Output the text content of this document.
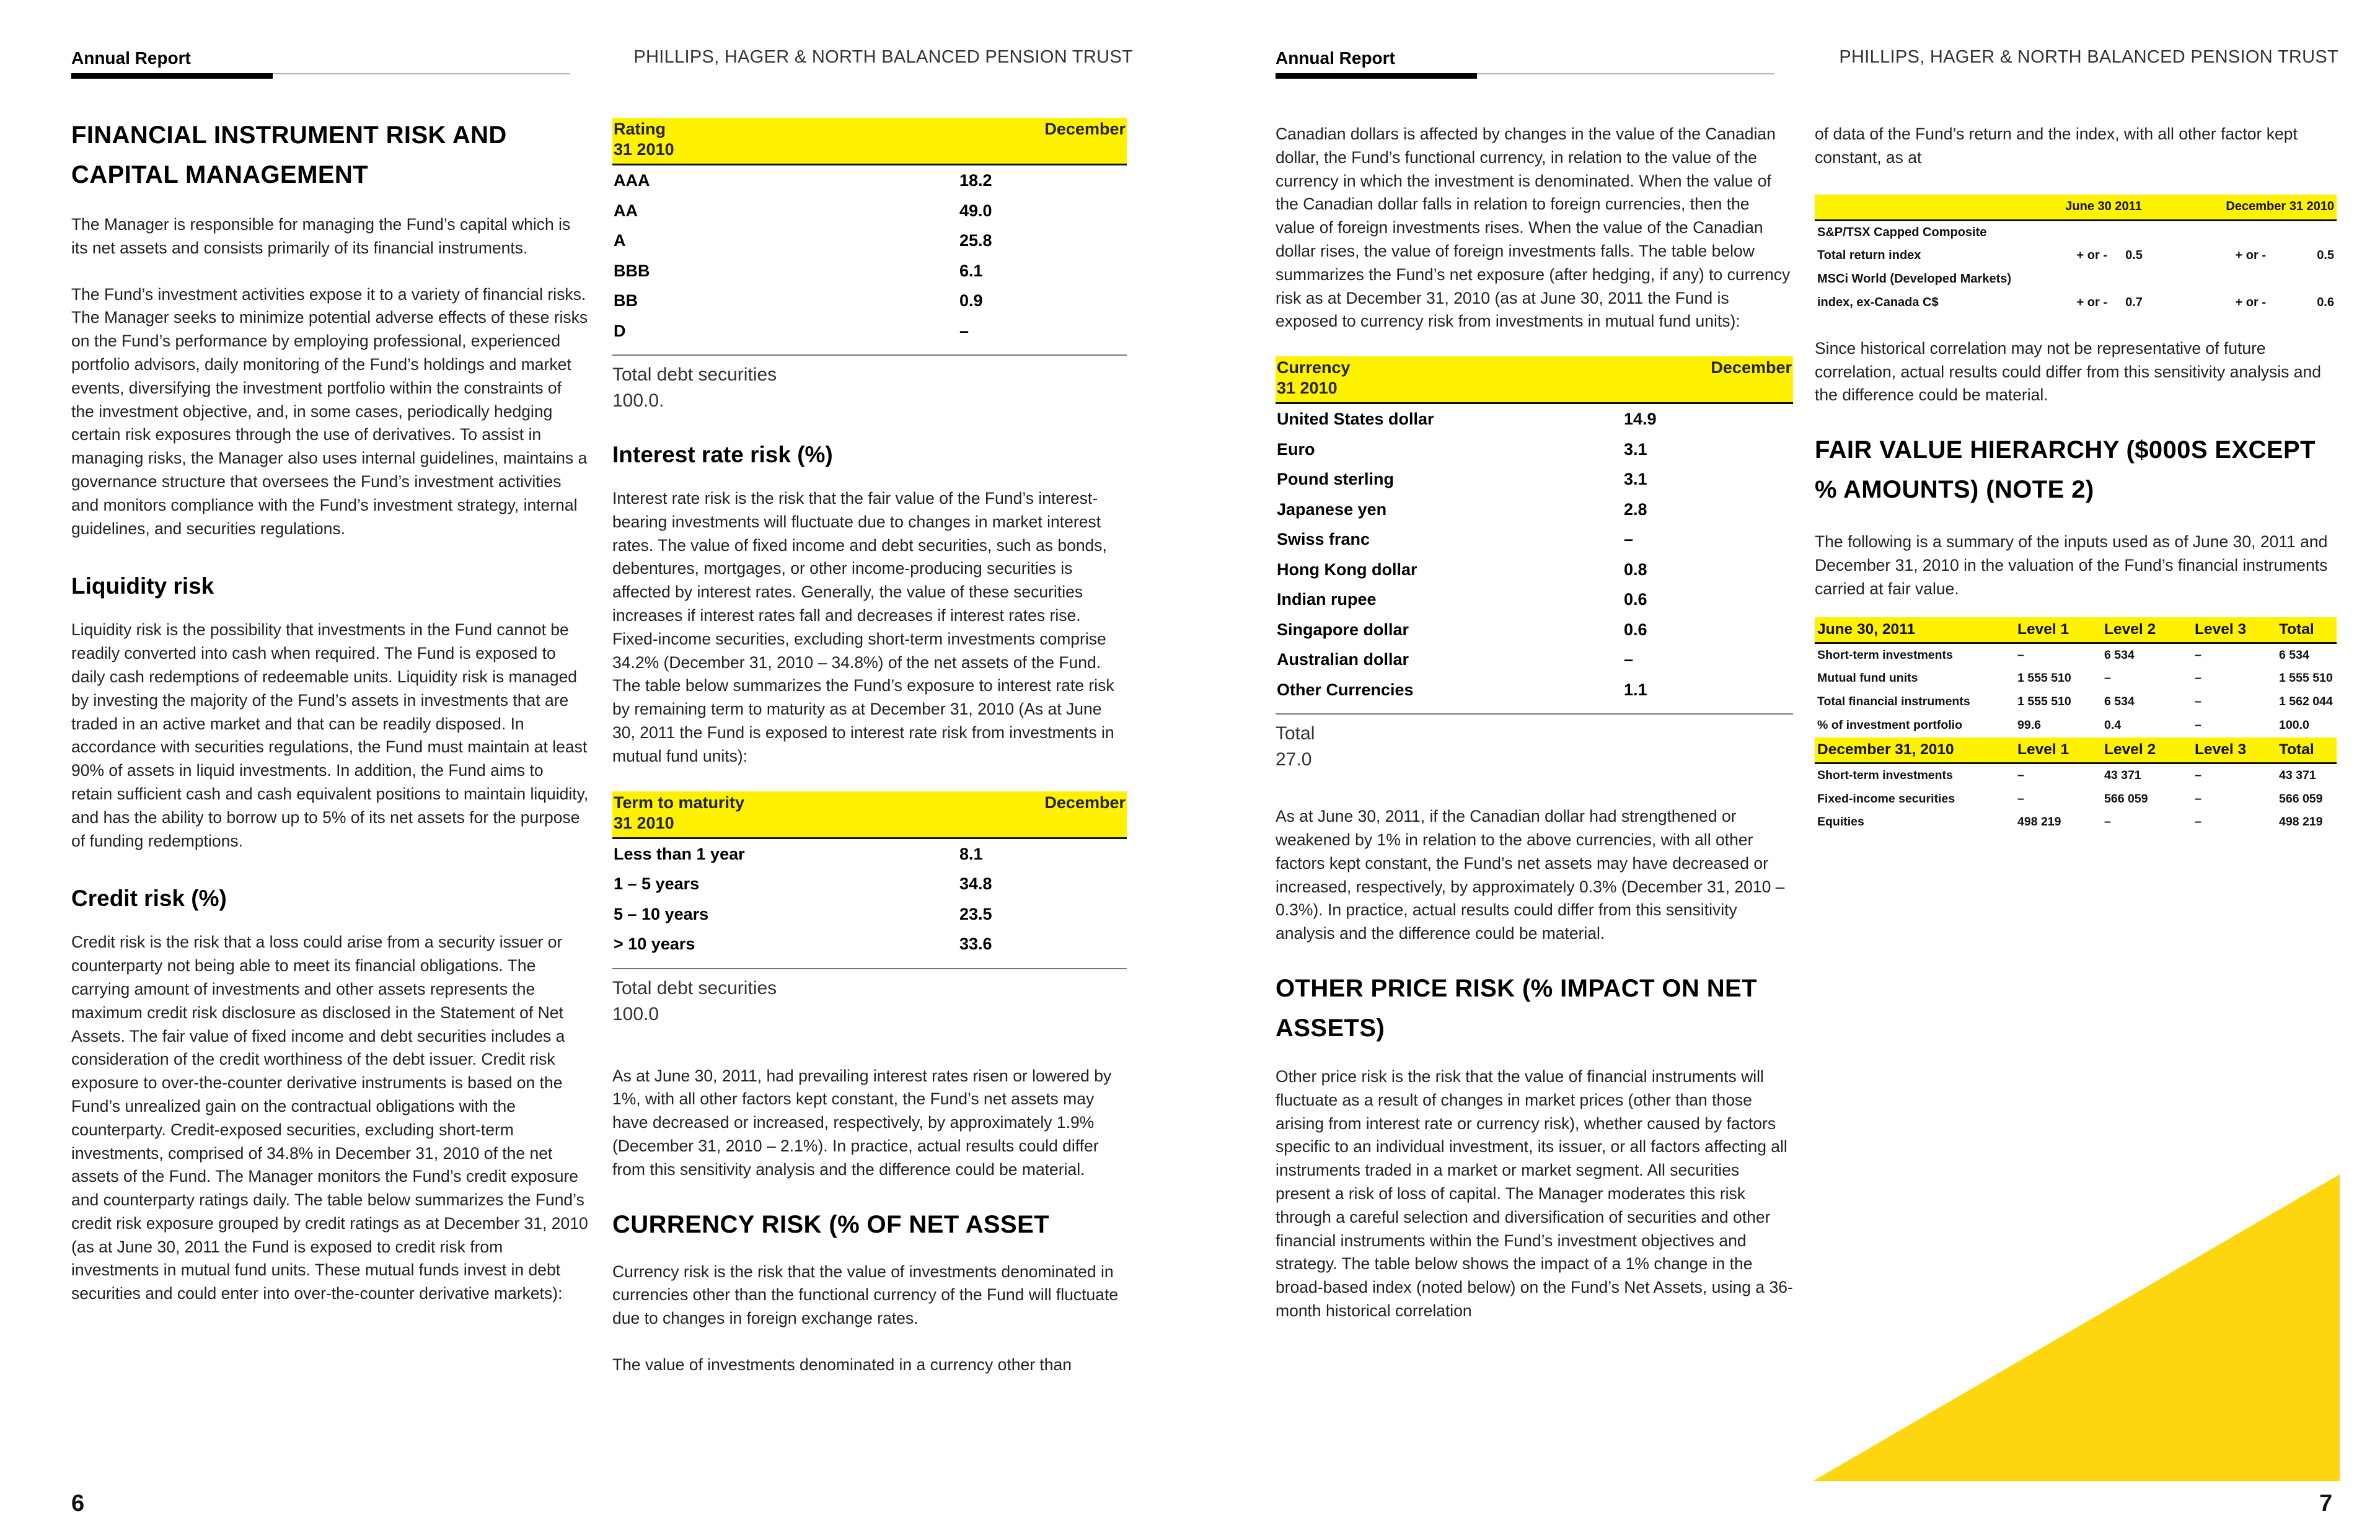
Annual Report	PHILLIPS, HAGER & NORTH BALANCED PENSION TRUST	Annual Report	PHILLIPS, HAGER & NORTH BALANCED PENSION TRUST
FINANCIAL INSTRUMENT RISK AND CAPITAL MANAGEMENT

The Manager is responsible for managing the Fund’s capital which is its net assets and consists primarily of its financial instruments.

The Fund’s investment activities expose it to a variety of financial risks. The Manager seeks to minimize potential adverse effects of these risks on the Fund’s performance by employing professional, experienced portfolio advisors, daily monitoring of the Fund’s holdings and market events, diversifying the investment portfolio within the constraints of the investment objective, and, in some cases, periodically hedging certain risk exposures through the use of derivatives. To assist in managing risks, the Manager also uses internal guidelines, maintains a governance structure that oversees the Fund’s investment activities and monitors compliance with the Fund’s investment strategy, internal guidelines, and securities regulations.

Liquidity risk

Liquidity risk is the possibility that investments in the Fund cannot be readily converted into cash when required. The Fund is exposed to daily cash redemptions of redeemable units. Liquidity risk is managed by investing the majority of the Fund’s assets in investments that are traded in an active market and that can be readily disposed. In accordance with securities regulations, the Fund must maintain at least 90% of assets in liquid investments. In addition, the Fund aims to retain sufficient cash and cash equivalent positions to maintain liquidity, and has the ability to borrow up to 5% of its net assets for the purpose of funding redemptions.

Credit risk (%)

Credit risk is the risk that a loss could arise from a security issuer or counterparty not being able to meet its financial obligations. The carrying amount of investments and other assets represents the maximum credit risk disclosure as disclosed in the Statement of Net Assets. The fair value of fixed income and debt securities includes a consideration of the credit worthiness of the debt issuer. Credit risk exposure to over-the-counter derivative instruments is based on the Fund’s unrealized gain on the contractual obligations with the counterparty. Credit-exposed securities, excluding short-term investments, comprised of 34.8% in December 31, 2010 of the net assets of the Fund. The Manager monitors the Fund’s credit exposure and counterparty ratings daily. The table below summarizes the Fund’s credit risk exposure grouped by credit ratings as at December 31, 2010 (as at June 30, 2011 the Fund is exposed to credit risk from investments in mutual fund units. These mutual funds invest in debt securities and could enter into over-the-counter derivative markets):

Rating
31 2010	December
AAA	18.2
AA	49.0
A	25.8
BBB	6.1
BB	0.9
D	–

Total debt securities
100.0.
Interest rate risk (%)

Interest rate risk is the risk that the fair value of the Fund’s interest-bearing investments will fluctuate due to changes in market interest rates. The value of fixed income and debt securities, such as bonds, debentures, mortgages, or other income-producing securities is affected by interest rates. Generally, the value of these securities increases if interest rates fall and decreases if interest rates rise. Fixed-income securities, excluding short-term investments comprise 34.2% (December 31, 2010 – 34.8%) of the net assets of the Fund. The table below summarizes the Fund’s exposure to interest rate risk by remaining term to maturity as at December 31, 2010 (As at June 30, 2011 the Fund is exposed to interest rate risk from investments in mutual fund units):

Term to maturity
31 2010	December
Less than 1 year	8.1
1 – 5 years	34.8
5 – 10 years	23.5
> 10 years	33.6

Total debt securities
100.0

As at June 30, 2011, had prevailing interest rates risen or lowered by 1%, with all other factors kept constant, the Fund’s net assets may have decreased or increased, respectively, by approximately 1.9% (December 31, 2010 – 2.1%). In practice, actual results could differ from this sensitivity analysis and the difference could be material.

CURRENCY RISK (% OF NET ASSET

Currency risk is the risk that the value of investments denominated in currencies other than the functional currency of the Fund will fluctuate due to changes in foreign exchange rates.

The value of investments denominated in a currency other than

Canadian dollars is affected by changes in the value of the Canadian dollar, the Fund’s functional currency, in relation to the value of the currency in which the investment is denominated. When the value of the Canadian dollar falls in relation to foreign currencies, then the value of foreign investments rises. When the value of the Canadian dollar rises, the value of foreign investments falls. The table below summarizes the Fund’s net exposure (after hedging, if any) to currency risk as at December 31, 2010 (as at June 30, 2011 the Fund is exposed to currency risk from investments in mutual fund units):

Currency
31 2010	December
United States dollar	14.9
Euro	3.1
Pound sterling	3.1
Japanese yen	2.8
Swiss franc	–
Hong Kong dollar	0.8
Indian rupee	0.6
Singapore dollar	0.6
Australian dollar	–
Other Currencies	1.1

Total
27.0

As at June 30, 2011, if the Canadian dollar had strengthened or weakened by 1% in relation to the above currencies, with all other factors kept constant, the Fund’s net assets may have decreased or increased, respectively, by approximately 0.3% (December 31, 2010 – 0.3%). In practice, actual results could differ from this sensitivity analysis and the difference could be material.

OTHER PRICE RISK (% IMPACT ON NET ASSETS)

Other price risk is the risk that the value of financial instruments will fluctuate as a result of changes in market prices (other than those arising from interest rate or currency risk), whether caused by factors specific to an individual investment, its issuer, or all factors affecting all instruments traded in a market or market segment. All securities present a risk of loss of capital. The Manager moderates this risk through a careful selection and diversification of securities and other financial instruments within the Fund’s investment objectives and strategy. The table below shows the impact of a 1% change in the broad-based index (noted below) on the Fund’s Net Assets, using a 36-month historical correlation

of data of the Fund’s return and the index, with all other factor kept constant, as at

	June 30 2011		December 31 2010	
S&P/TSX Capped Composite				
Total return index	+ or -	0.5	+ or -	0.5
MSCi World (Developed Markets)				
index, ex-Canada C$	+ or -	0.7	+ or -	0.6

Since historical correlation may not be representative of future correlation, actual results could differ from this sensitivity analysis and the difference could be material.

FAIR VALUE HIERARCHY ($000S EXCEPT % AMOUNTS) (NOTE 2)

The following is a summary of the inputs used as of June 30, 2011 and December 31, 2010 in the valuation of the Fund’s financial instruments carried at fair value.

June 30, 2011	Level 1	Level 2	Level 3	Total
Short-term investments	–	6 534	–	6 534
Mutual fund units	1 555 510	–	–	1 555 510
Total financial instruments	1 555 510	6 534	–	1 562 044
% of investment portfolio	99.6	0.4	–	100.0
December 31, 2010	Level 1	Level 2	Level 3	Total
Short-term investments	–	43 371	–	43 371
Fixed-income securities	–	566 059	–	566 059
Equities	498 219	–	–	498 219
6	7
